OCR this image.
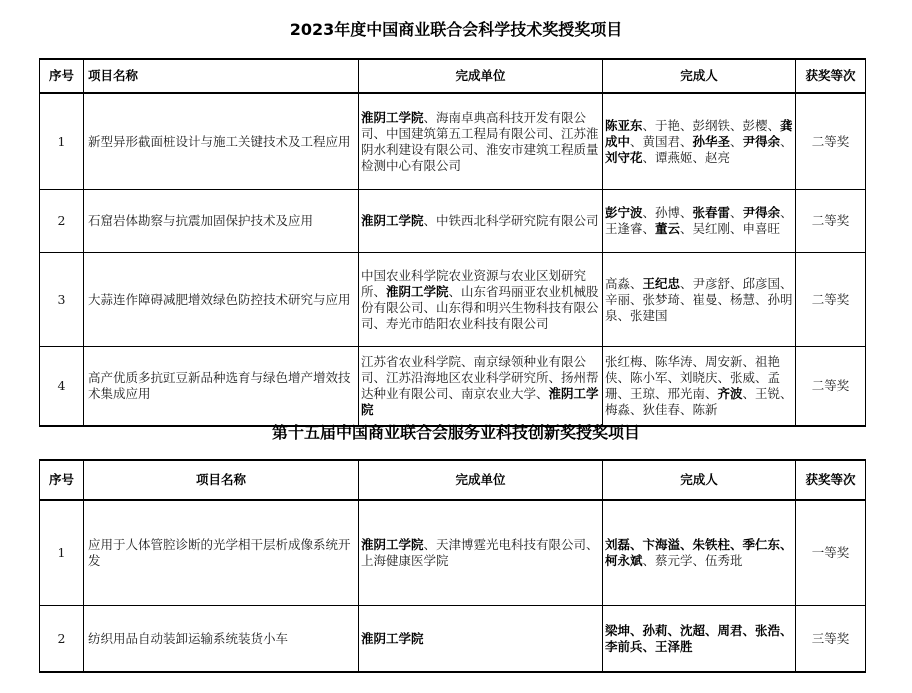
2023年度中国商业联合会科学技术奖授奖项目
序号	项目名称	完成单位	完成人	获奖等次
1	新型异形截面桩设计与施工关键技术及工程应用	淮阴工学院、海南卓典高科技开发有限公司、中国建筑第五工程局有限公司、江苏淮阴水利建设有限公司、淮安市建筑工程质量检测中心有限公司	陈亚东、于艳、彭纲铁、彭樱、龚成中、黄国君、孙华圣、尹得余、刘守花、谭燕姬、赵亮	二等奖
2	石窟岩体勘察与抗震加固保护技术及应用	淮阴工学院、中铁西北科学研究院有限公司	彭宁波、孙博、张春雷、尹得余、王逢睿、董云、吴红刚、申喜旺	二等奖
3	大蒜连作障碍减肥增效绿色防控技术研究与应用	中国农业科学院农业资源与农业区划研究所、淮阴工学院、山东省玛丽亚农业机械股份有限公司、山东得和明兴生物科技有限公司、寿光市皓阳农业科技有限公司	高淼、王纪忠、尹彦舒、邱彦国、辛丽、张梦琦、崔曼、杨慧、孙明泉、张建国	二等奖
4	高产优质多抗豇豆新品种选育与绿色增产增效技术集成应用	江苏省农业科学院、南京绿领种业有限公司、江苏沿海地区农业科学研究所、扬州帮达种业有限公司、南京农业大学、淮阴工学院	张红梅、陈华涛、周安新、祖艳侠、陈小军、刘晓庆、张威、孟珊、王琼、邢光南、齐波、王锐、梅淼、狄佳春、陈新	二等奖
第十五届中国商业联合会服务业科技创新奖授奖项目
序号	项目名称	完成单位	完成人	获奖等次
1	应用于人体管腔诊断的光学相干层析成像系统开发	淮阴工学院、天津博霆光电科技有限公司、上海健康医学院	刘磊、卞海溢、朱铁柱、季仁东、柯永斌、蔡元学、伍秀玭	一等奖
2	纺织用品自动装卸运输系统装货小车	淮阴工学院	梁坤、孙莉、沈超、周君、张浩、李前兵、王泽胜	三等奖
